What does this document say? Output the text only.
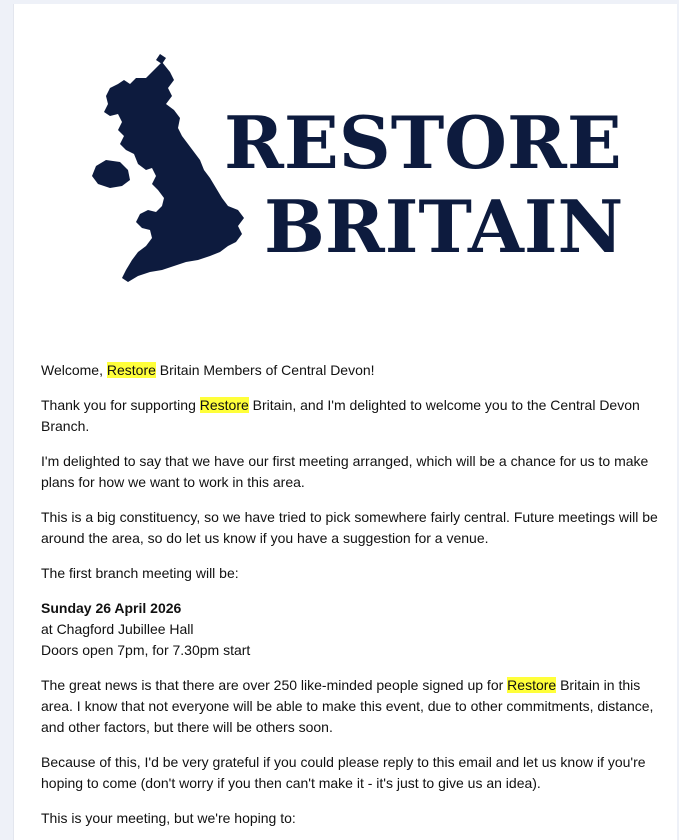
RESTORE
BRITAIN

Welcome, Restore Britain Members of Central Devon!

Thank you for supporting Restore Britain, and I'm delighted to welcome you to the Central Devon Branch.

I'm delighted to say that we have our first meeting arranged, which will be a chance for us to make plans for how we want to work in this area.

This is a big constituency, so we have tried to pick somewhere fairly central. Future meetings will be around the area, so do let us know if you have a suggestion for a venue.

The first branch meeting will be:

Sunday 26 April 2026
at Chagford Jubillee Hall
Doors open 7pm, for 7.30pm start

The great news is that there are over 250 like-minded people signed up for Restore Britain in this area. I know that not everyone will be able to make this event, due to other commitments, distance, and other factors, but there will be others soon.

Because of this, I'd be very grateful if you could please reply to this email and let us know if you're hoping to come (don't worry if you then can't make it - it's just to give us an idea).

This is your meeting, but we're hoping to:
